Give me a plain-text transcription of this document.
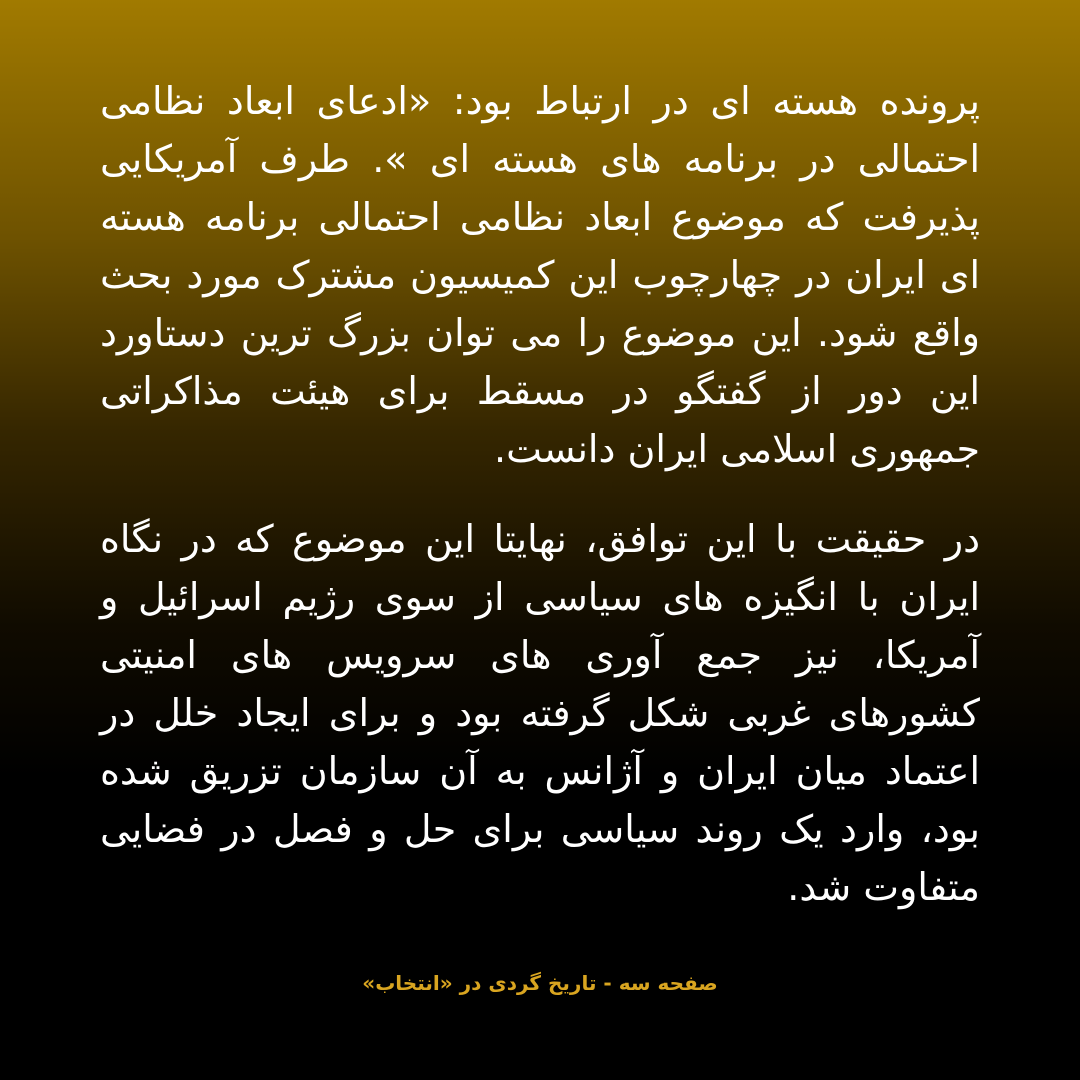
پرونده هسته ای در ارتباط بود: «ادعای ابعاد نظامی احتمالی در برنامه های هسته ای ». طرف آمریکایی پذیرفت که موضوع ابعاد نظامی احتمالی برنامه هسته ای ایران در چهارچوب این کمیسیون مشترک مورد بحث واقع شود. این موضوع را می توان بزرگ ترین دستاورد این دور از گفتگو در مسقط برای هیئت مذاکراتی جمهوری اسلامی ایران دانست.

در حقیقت با این توافق، نهایتا این موضوع که در نگاه ایران با انگیزه های سیاسی از سوی رژیم اسرائیل و آمریکا، نیز جمع آوری های سرویس های امنیتی کشورهای غربی شکل گرفته بود و برای ایجاد خلل در اعتماد میان ایران و آژانس به آن سازمان تزریق شده بود، وارد یک روند سیاسی برای حل و فصل در فضایی متفاوت شد.

صفحه سه - تاریخ گردی در «انتخاب»
